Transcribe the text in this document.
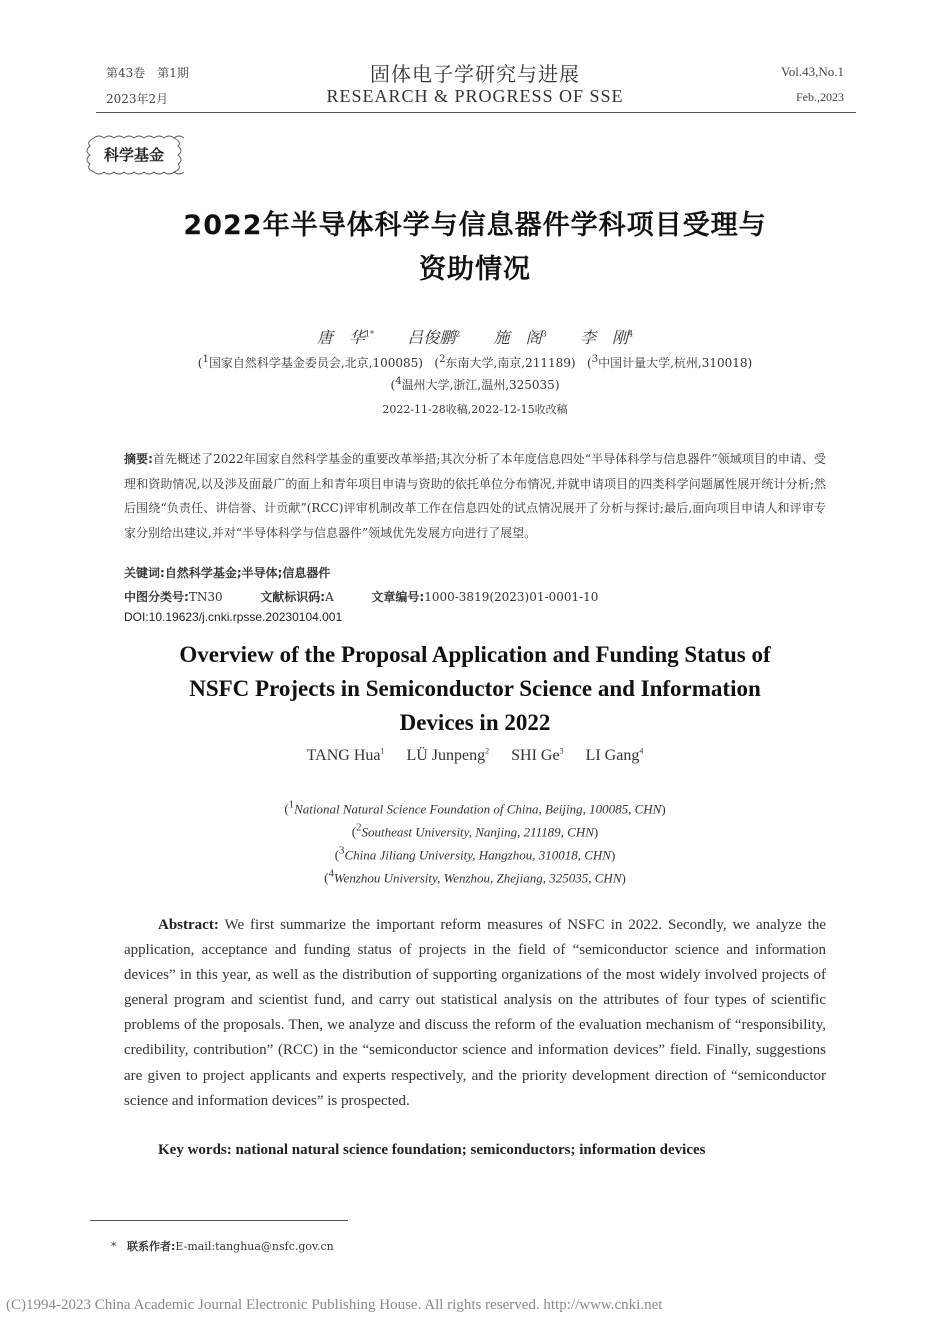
第43卷　第1期
2023年2月
固体电子学研究与进展
RESEARCH & PROGRESS OF SSE
Vol.43,No.1
Feb.,2023
科学基金
2022年半导体科学与信息器件学科项目受理与
资助情况
唐　华$^{1*}$ 吕俊鹏$^2$ 施　阁$^3$ 李　刚$^4$
($^1$国家自然科学基金委员会,北京,100085)   ($^2$东南大学,南京,211189)   ($^3$中国计量大学,杭州,310018)
($^4$温州大学,浙江,温州,325035)
2022-11-28收稿,2022-12-15收改稿
摘要:首先概述了2022年国家自然科学基金的重要改革举措;其次分析了本年度信息四处“半导体科学与信息器件”领域项目的申请、受理和资助情况,以及涉及面最广的面上和青年项目申请与资助的依托单位分布情况,并就申请项目的四类科学问题属性展开统计分析;然后围绕“负责任、讲信誉、计贡献”(RCC)评审机制改革工作在信息四处的试点情况展开了分析与探讨;最后,面向项目申请人和评审专家分别给出建议,并对“半导体科学与信息器件”领域优先发展方向进行了展望。
关键词:自然科学基金;半导体;信息器件
中图分类号:TN30	文献标识码:A	文章编号:1000-3819(2023)01-0001-10
DOI:10.19623/j.cnki.rpsse.20230104.001
Overview of the Proposal Application and Funding Status of
NSFC Projects in Semiconductor Science and Information
Devices in 2022
TANG Hua$^1$ LÜ Junpeng$^2$ SHI Ge$^3$ LI Gang$^4$
($^1$National Natural Science Foundation of China, Beijing, 100085, CHN)
($^2$Southeast University, Nanjing, 211189, CHN)
($^3$China Jiliang University, Hangzhou, 310018, CHN)
($^4$Wenzhou University, Wenzhou, Zhejiang, 325035, CHN)
Abstract: We first summarize the important reform measures of NSFC in 2022. Secondly, we analyze the application, acceptance and funding status of projects in the field of “semiconductor science and information devices” in this year, as well as the distribution of supporting organizations of the most widely involved projects of general program and scientist fund, and carry out statistical analysis on the attributes of four types of scientific problems of the proposals. Then, we analyze and discuss the reform of the evaluation mechanism of “responsibility, credibility, contribution” (RCC) in the “semiconductor science and information devices” field. Finally, suggestions are given to project applicants and experts respectively, and the priority development direction of “semiconductor science and information devices” is prospected.
Key words: national natural science foundation; semiconductors; information devices
* 联系作者:E-mail:tanghua@nsfc.gov.cn
(C)1994-2023 China Academic Journal Electronic Publishing House. All rights reserved. http://www.cnki.net
